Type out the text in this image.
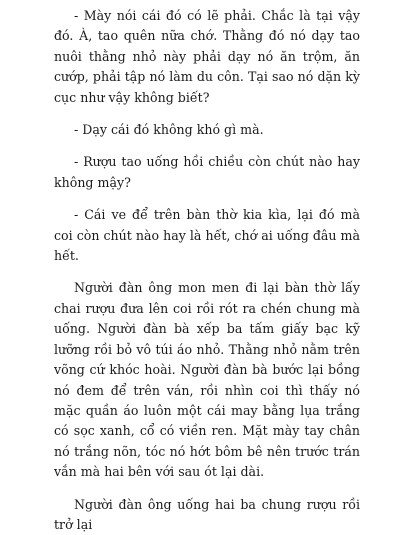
- Mày nói cái đó có lẽ phải. Chắc là tại vậy đó. À, tao quên nữa chớ. Thằng đó nó dạy tao nuôi thằng nhỏ này phải dạy nó ăn trộm, ăn cướp, phải tập nó làm du côn. Tại sao nó dặn kỳ cục như vậy không biết?

- Dạy cái đó không khó gì mà.

- Rượu tao uống hồi chiều còn chút nào hay không mậy?

- Cái ve để trên bàn thờ kia kìa, lại đó mà coi còn chút nào hay là hết, chớ ai uống đâu mà hết.

Người đàn ông mon men đi lại bàn thờ lấy chai rượu đưa lên coi rồi rót ra chén chung mà uống. Người đàn bà xếp ba tấm giấy bạc kỹ lưỡng rồi bỏ vô túi áo nhỏ. Thằng nhỏ nằm trên võng cứ khóc hoài. Người đàn bà bước lại bồng nó đem để trên ván, rồi nhìn coi thì thấy nó mặc quần áo luôn một cái may bằng lụa trắng có sọc xanh, cổ có viền ren. Mặt mày tay chân nó trắng nõn, tóc nó hớt bôm bê nên trước trán vắn mà hai bên với sau ót lại dài.

Người đàn ông uống hai ba chung rượu rồi trở lại
